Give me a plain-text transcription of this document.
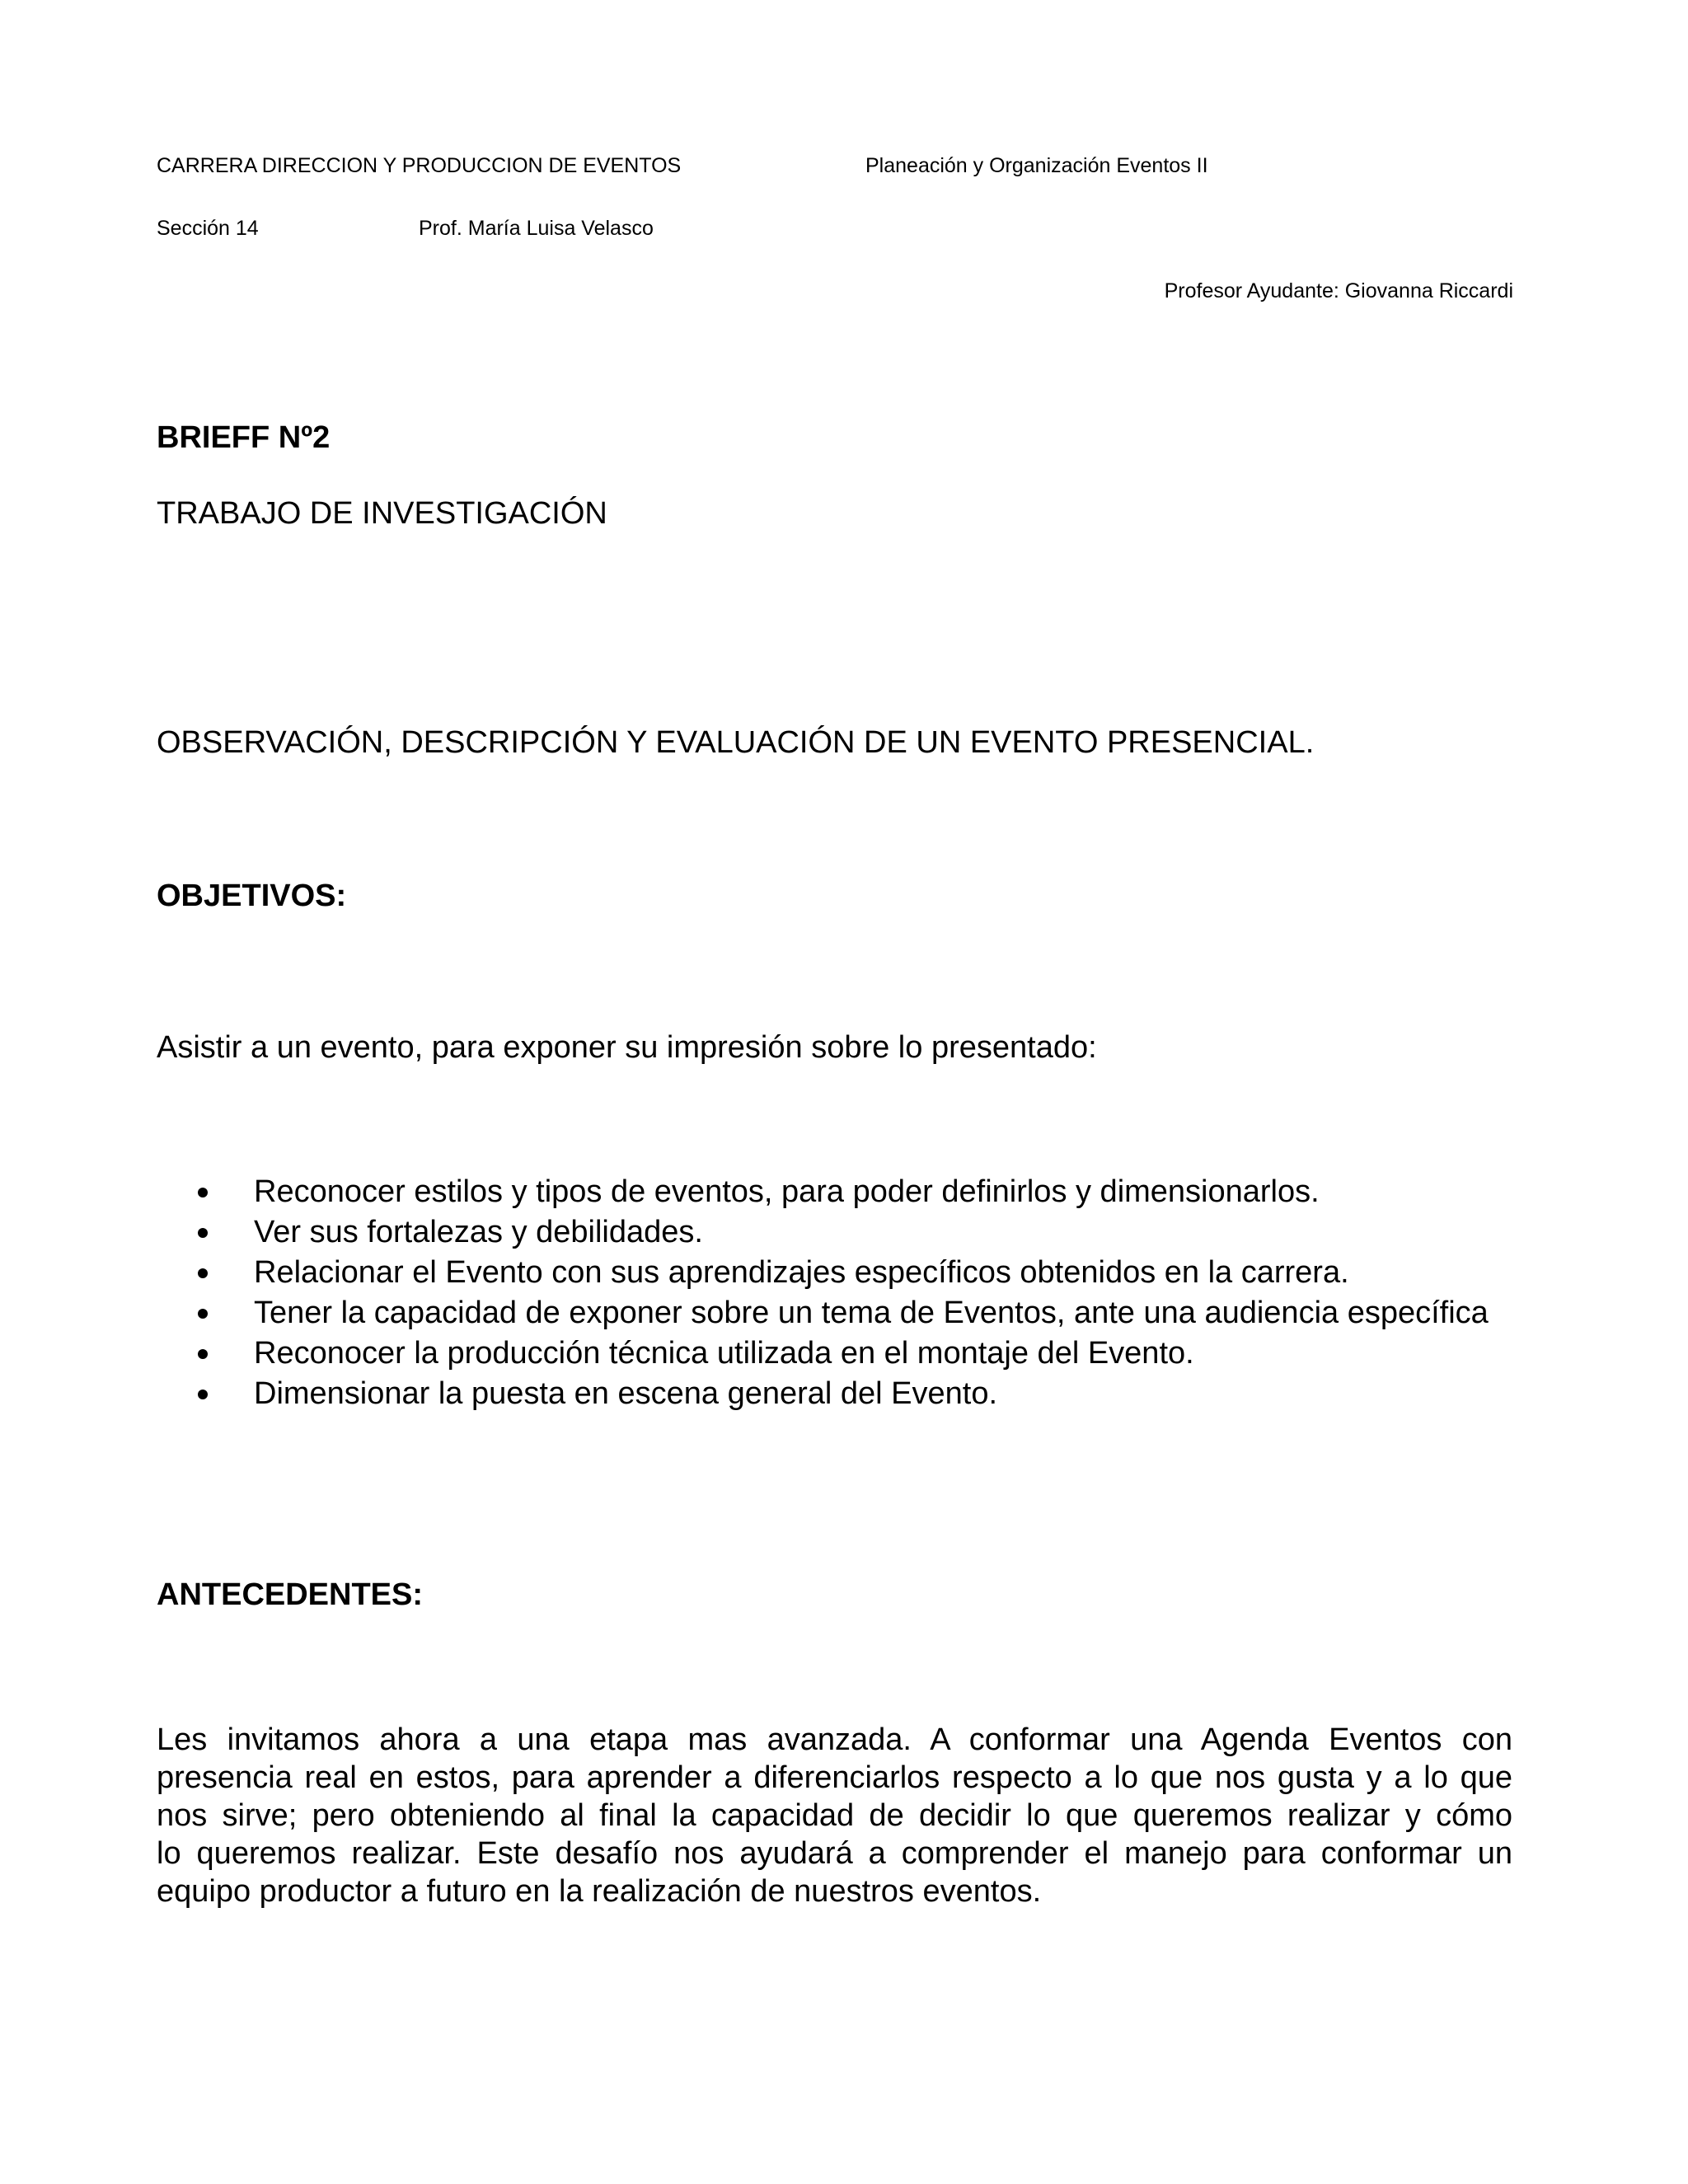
CARRERA DIRECCION Y PRODUCCION DE EVENTOS	Planeación y Organización Eventos II

Sección 14	Prof. María Luisa Velasco

Profesor Ayudante: Giovanna Riccardi

BRIEFF Nº2

TRABAJO DE INVESTIGACIÓN

OBSERVACIÓN, DESCRIPCIÓN Y EVALUACIÓN DE UN EVENTO PRESENCIAL.

OBJETIVOS:

Asistir a un evento, para exponer su impresión sobre lo presentado:

Reconocer estilos y tipos de eventos, para poder definirlos y dimensionarlos.
Ver sus fortalezas y debilidades.
Relacionar el Evento con sus aprendizajes específicos obtenidos en la carrera.
Tener la capacidad de exponer sobre un tema de Eventos, ante una audiencia específica
Reconocer la producción técnica utilizada en el montaje del Evento.
Dimensionar la puesta en escena general del Evento.

ANTECEDENTES:

Les invitamos ahora a una etapa mas avanzada. A conformar una Agenda Eventos con
presencia real en estos, para aprender a diferenciarlos respecto a lo que nos gusta y a lo que
nos sirve; pero obteniendo al final la capacidad de decidir lo que queremos realizar y cómo
lo queremos realizar. Este desafío nos ayudará a comprender el manejo para conformar un
equipo productor a futuro en la realización de nuestros eventos.
